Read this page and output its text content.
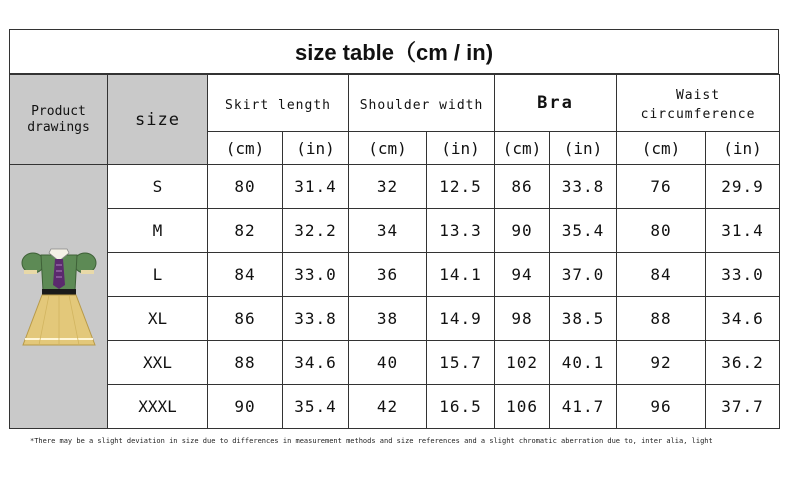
size table（cm / in)
Product
drawings	size	Skirt length		Shoulder width		Bra		Waist circumference	
		(cm)	(in)	(cm)	(in)	(cm)	(in)	(cm)	(in)
	S	80	31.4	32	12.5	86	33.8	76	29.9
	M	82	32.2	34	13.3	90	35.4	80	31.4
	L	84	33.0	36	14.1	94	37.0	84	33.0
	XL	86	33.8	38	14.9	98	38.5	88	34.6
	XXL	88	34.6	40	15.7	102	40.1	92	36.2
	XXXL	90	35.4	42	16.5	106	41.7	96	37.7
*There may be a slight deviation in size due to differences in measurement methods and size references and a slight chromatic aberration due to, inter alia, light
